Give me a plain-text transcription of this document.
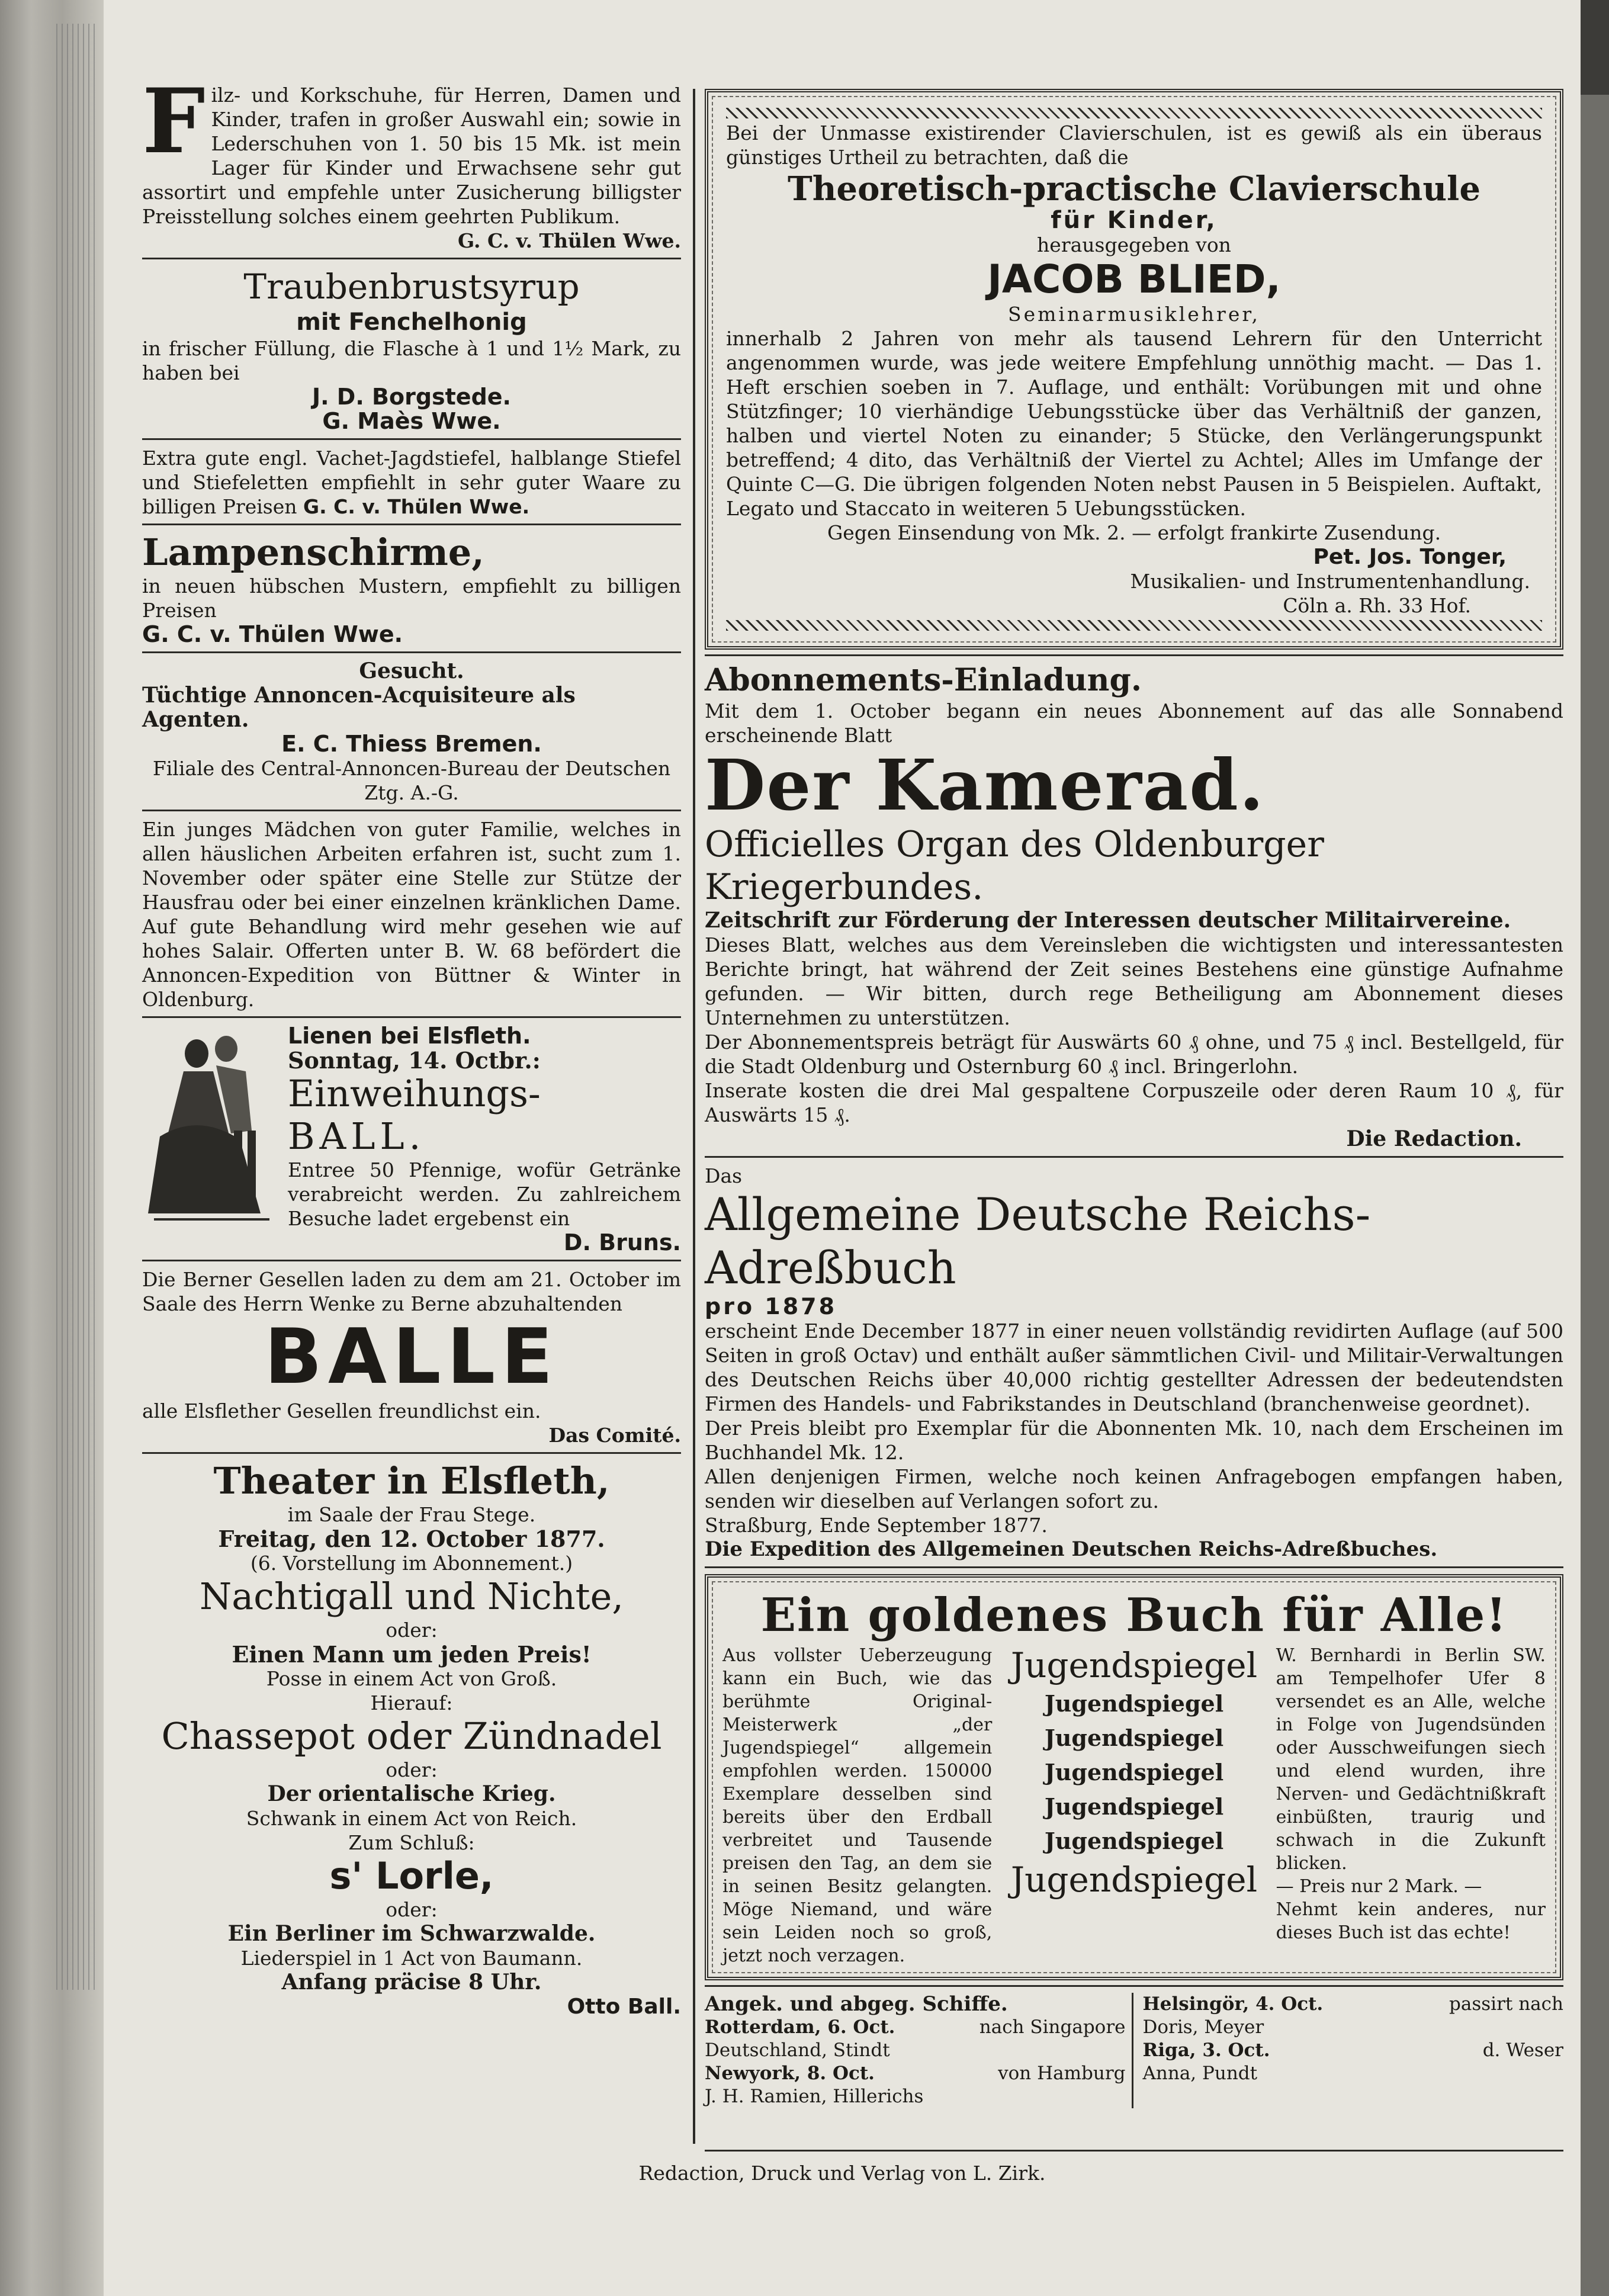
F ilz- und Korkschuhe, für Herren, Damen und Kinder, trafen in großer Auswahl ein; sowie in Lederschuhen von 1. 50 bis 15 Mk. ist mein Lager für Kinder und Erwachsene sehr gut assortirt und empfehle unter Zusicherung billigster Preisstellung solches einem geehrten Publikum.
G. C. v. Thülen Wwe.
Traubenbrustsyrup
mit Fenchelhonig
in frischer Füllung, die Flasche à 1 und 1½ Mark, zu haben bei
J. D. Borgstede.
G. Maès Wwe.
Extra gute engl. Vachet-Jagdstiefel, halblange Stiefel und Stiefeletten empfiehlt in sehr guter Waare zu billigen Preisen G. C. v. Thülen Wwe.
Lampenschirme,
in neuen hübschen Mustern, empfiehlt zu billigen Preisen
G. C. v. Thülen Wwe.
Gesucht.
Tüchtige Annoncen-Acquisiteure als Agenten.
E. C. Thiess Bremen.
Filiale des Central-Annoncen-Bureau der Deutschen Ztg. A.-G.
Ein junges Mädchen von guter Familie, welches in allen häuslichen Arbeiten erfahren ist, sucht zum 1. November oder später eine Stelle zur Stütze der Hausfrau oder bei einer einzelnen kränklichen Dame. Auf gute Behandlung wird mehr gesehen wie auf hohes Salair. Offerten unter B. W. 68 befördert die Annoncen-Expedition von Büttner & Winter in Oldenburg.
Lienen bei Elsfleth.
Sonntag, 14. Octbr.:
Einweihungs-
BALL.
Entree 50 Pfennige, wofür Getränke verabreicht werden. Zu zahlreichem Besuche ladet ergebenst ein
D. Bruns.
Die Berner Gesellen laden zu dem am 21. October im Saale des Herrn Wenke zu Berne abzuhaltenden
BALLE
alle Elsflether Gesellen freundlichst ein.
Das Comité.
Theater in Elsfleth,
im Saale der Frau Stege.
Freitag, den 12. October 1877.
(6. Vorstellung im Abonnement.)
Nachtigall und Nichte,
oder:
Einen Mann um jeden Preis!
Posse in einem Act von Groß.
Hierauf:
Chassepot oder Zündnadel
oder:
Der orientalische Krieg.
Schwank in einem Act von Reich.
Zum Schluß:
s' Lorle,
oder:
Ein Berliner im Schwarzwalde.
Liederspiel in 1 Act von Baumann.
Anfang präcise 8 Uhr.
Otto Ball.
Bei der Unmasse existirender Clavierschulen, ist es gewiß als ein überaus günstiges Urtheil zu betrachten, daß die
Theoretisch-practische Clavierschule
für Kinder,
herausgegeben von
JACOB BLIED,
Seminarmusiklehrer,
innerhalb 2 Jahren von mehr als tausend Lehrern für den Unterricht angenommen wurde, was jede weitere Empfehlung unnöthig macht. — Das 1. Heft erschien soeben in 7. Auflage, und enthält: Vorübungen mit und ohne Stützfinger; 10 vierhändige Uebungsstücke über das Verhältniß der ganzen, halben und viertel Noten zu einander; 5 Stücke, den Verlängerungspunkt betreffend; 4 dito, das Verhältniß der Viertel zu Achtel; Alles im Umfange der Quinte C—G. Die übrigen folgenden Noten nebst Pausen in 5 Beispielen. Auftakt, Legato und Staccato in weiteren 5 Uebungsstücken.
Gegen Einsendung von Mk. 2. — erfolgt frankirte Zusendung.
Pet. Jos. Tonger,
Musikalien- und Instrumentenhandlung.
Cöln a. Rh. 33 Hof.
Abonnements-Einladung.
Mit dem 1. October begann ein neues Abonnement auf das alle Sonnabend erscheinende Blatt
Der Kamerad.
Officielles Organ des Oldenburger Kriegerbundes.
Zeitschrift zur Förderung der Interessen deutscher Militairvereine.
Dieses Blatt, welches aus dem Vereinsleben die wichtigsten und interessantesten Berichte bringt, hat während der Zeit seines Bestehens eine günstige Aufnahme gefunden. — Wir bitten, durch rege Betheiligung am Abonnement dieses Unternehmen zu unterstützen.
Der Abonnementspreis beträgt für Auswärts 60 ₰ ohne, und 75 ₰ incl. Bestellgeld, für die Stadt Oldenburg und Osternburg 60 ₰ incl. Bringerlohn.
Inserate kosten die drei Mal gespaltene Corpuszeile oder deren Raum 10 ₰, für Auswärts 15 ₰.
Die Redaction.
Das
Allgemeine Deutsche Reichs-Adreßbuch
pro 1878
erscheint Ende December 1877 in einer neuen vollständig revidirten Auflage (auf 500 Seiten in groß Octav) und enthält außer sämmtlichen Civil- und Militair-Verwaltungen des Deutschen Reichs über 40,000 richtig gestellter Adressen der bedeutendsten Firmen des Handels- und Fabrikstandes in Deutschland (branchenweise geordnet).
Der Preis bleibt pro Exemplar für die Abonnenten Mk. 10, nach dem Erscheinen im Buchhandel Mk. 12.
Allen denjenigen Firmen, welche noch keinen Anfragebogen empfangen haben, senden wir dieselben auf Verlangen sofort zu.
Straßburg, Ende September 1877.
Die Expedition des Allgemeinen Deutschen Reichs-Adreßbuches.
Ein goldenes Buch für Alle!
Aus vollster Ueberzeugung kann ein Buch, wie das berühmte Original-Meisterwerk „der Jugendspiegel“ allgemein empfohlen werden. 150000 Exemplare desselben sind bereits über den Erdball verbreitet und Tausende preisen den Tag, an dem sie in seinen Besitz gelangten. Möge Niemand, und wäre sein Leiden noch so groß, jetzt noch verzagen.
Jugendspiegel
Jugendspiegel
Jugendspiegel
Jugendspiegel
Jugendspiegel
Jugendspiegel
Jugendspiegel
W. Bernhardi in Berlin SW. am Tempelhofer Ufer 8 versendet es an Alle, welche in Folge von Jugendsünden oder Ausschweifungen siech und elend wurden, ihre Nerven- und Gedächtnißkraft einbüßten, traurig und schwach in die Zukunft blicken.
— Preis nur 2 Mark. —
Nehmt kein anderes, nur dieses Buch ist das echte!
Angek. und abgeg. Schiffe.
Rotterdam, 6. Oct.	nach Singapore
Deutschland, Stindt
Newyork, 8. Oct.	von Hamburg
J. H. Ramien, Hillerichs
Helsingör, 4. Oct.	passirt nach
Doris, Meyer
Riga, 3. Oct.	d. Weser
Anna, Pundt
Redaction, Druck und Verlag von L. Zirk.
